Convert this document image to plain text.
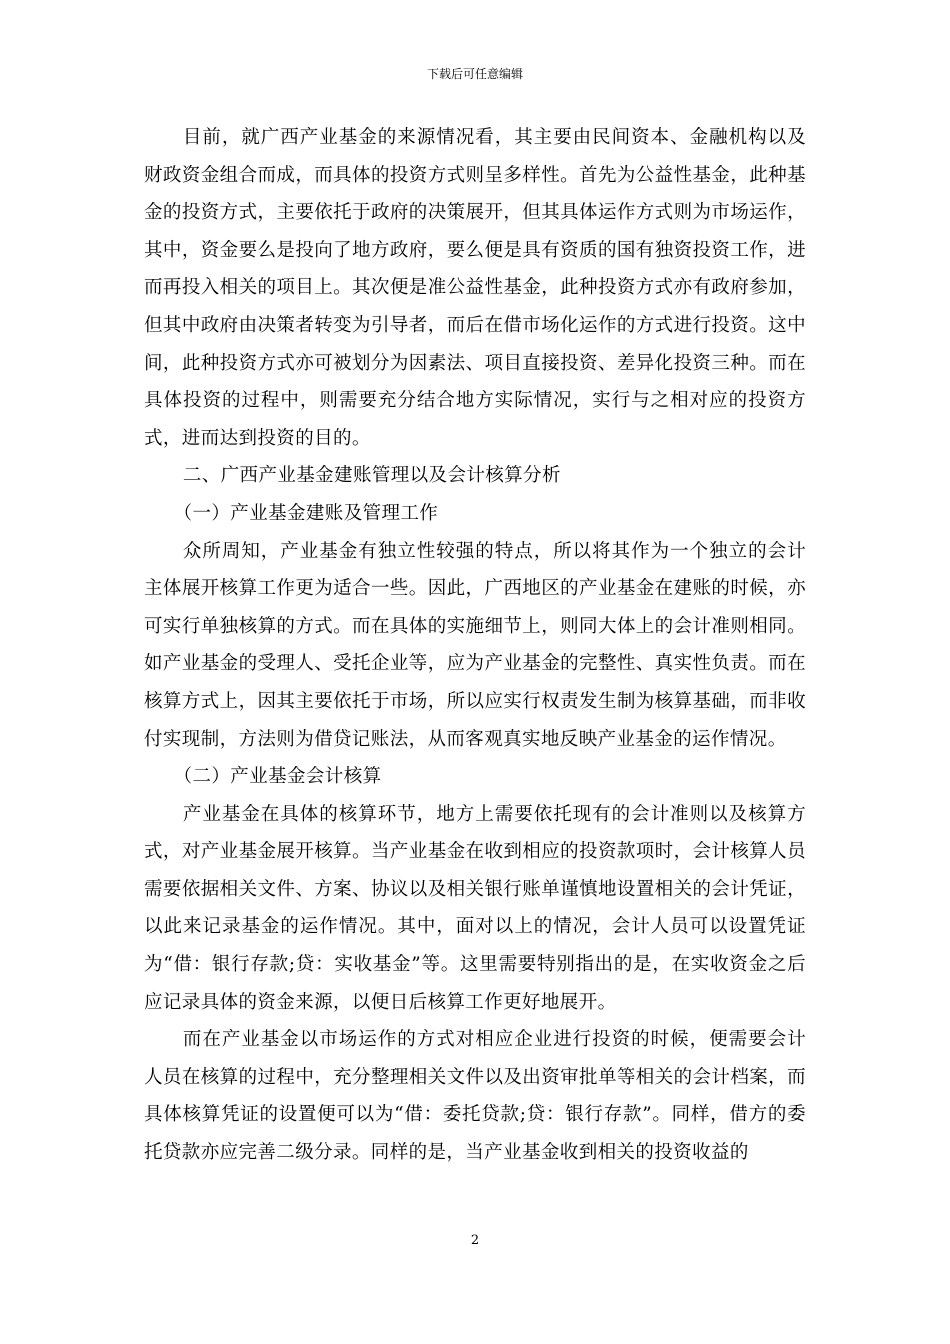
下载后可任意编辑

目前，就广西产业基金的来源情况看，其主要由民间资本、金融机构以及财政资金组合而成，而具体的投资方式则呈多样性。首先为公益性基金，此种基金的投资方式，主要依托于政府的决策展开，但其具体运作方式则为市场运作，其中，资金要么是投向了地方政府，要么便是具有资质的国有独资投资工作，进而再投入相关的项目上。其次便是准公益性基金，此种投资方式亦有政府参加，但其中政府由决策者转变为引导者，而后在借市场化运作的方式进行投资。这中间，此种投资方式亦可被划分为因素法、项目直接投资、差异化投资三种。而在具体投资的过程中，则需要充分结合地方实际情况，实行与之相对应的投资方式，进而达到投资的目的。

二、广西产业基金建账管理以及会计核算分析

（一）产业基金建账及管理工作

众所周知，产业基金有独立性较强的特点，所以将其作为一个独立的会计主体展开核算工作更为适合一些。因此，广西地区的产业基金在建账的时候，亦可实行单独核算的方式。而在具体的实施细节上，则同大体上的会计准则相同。如产业基金的受理人、受托企业等，应为产业基金的完整性、真实性负责。而在核算方式上，因其主要依托于市场，所以应实行权责发生制为核算基础，而非收付实现制，方法则为借贷记账法，从而客观真实地反映产业基金的运作情况。

（二）产业基金会计核算

产业基金在具体的核算环节，地方上需要依托现有的会计准则以及核算方式，对产业基金展开核算。当产业基金在收到相应的投资款项时，会计核算人员需要依据相关文件、方案、协议以及相关银行账单谨慎地设置相关的会计凭证，以此来记录基金的运作情况。其中，面对以上的情况，会计人员可以设置凭证为“借：银行存款;贷：实收基金”等。这里需要特别指出的是，在实收资金之后应记录具体的资金来源，以便日后核算工作更好地展开。

而在产业基金以市场运作的方式对相应企业进行投资的时候，便需要会计人员在核算的过程中，充分整理相关文件以及出资审批单等相关的会计档案，而具体核算凭证的设置便可以为“借：委托贷款;贷：银行存款”。同样，借方的委托贷款亦应完善二级分录。同样的是，当产业基金收到相关的投资收益的

2
